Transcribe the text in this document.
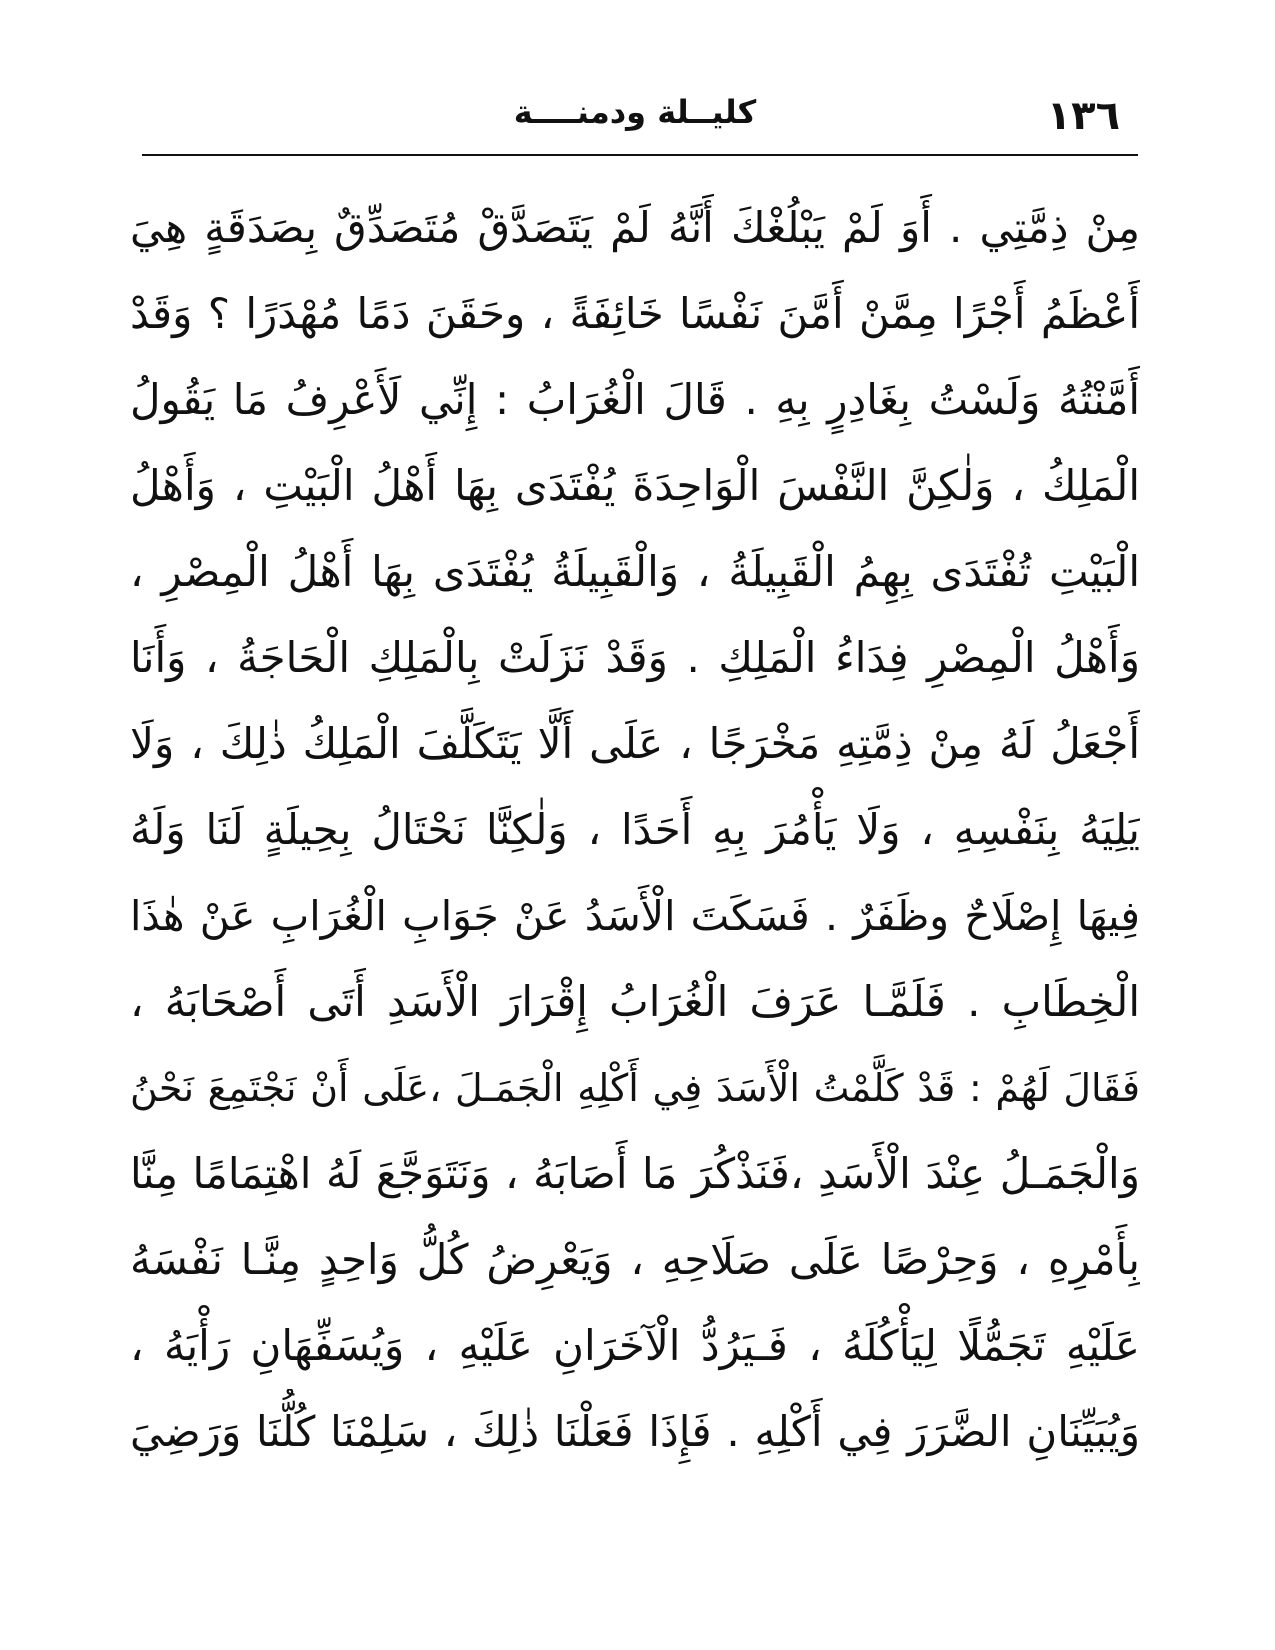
١٣٦
كليــلة ودمنــــة
مِنْ ذِمَّتِي . أَوَ لَمْ يَبْلُغْكَ أَنَّهُ لَمْ يَتَصَدَّقْ مُتَصَدِّقٌ بِصَدَقَةٍ هِيَ
أَعْظَمُ أَجْرًا مِمَّنْ أَمَّنَ نَفْسًا خَائِفَةً ، وحَقَنَ دَمًا مُهْدَرًا ؟ وَقَدْ
أَمَّنْتُهُ وَلَسْتُ بِغَادِرٍ بِهِ . قَالَ الْغُرَابُ : إِنِّي لَأَعْرِفُ مَا يَقُولُ
الْمَلِكُ ، وَلٰكِنَّ النَّفْسَ الْوَاحِدَةَ يُفْتَدَى بِهَا أَهْلُ الْبَيْتِ ، وَأَهْلُ
الْبَيْتِ تُفْتَدَى بِهِمُ الْقَبِيلَةُ ، وَالْقَبِيلَةُ يُفْتَدَى بِهَا أَهْلُ الْمِصْرِ ،
وَأَهْلُ الْمِصْرِ فِدَاءُ الْمَلِكِ . وَقَدْ نَزَلَتْ بِالْمَلِكِ الْحَاجَةُ ، وَأَنَا
أَجْعَلُ لَهُ مِنْ ذِمَّتِهِ مَخْرَجًا ، عَلَى أَلَّا يَتَكَلَّفَ الْمَلِكُ ذٰلِكَ ، وَلَا
يَلِيَهُ بِنَفْسِهِ ، وَلَا يَأْمُرَ بِهِ أَحَدًا ، وَلٰكِنَّا نَحْتَالُ بِحِيلَةٍ لَنَا وَلَهُ
فِيهَا إِصْلَاحٌ وظَفَرٌ . فَسَكَتَ الْأَسَدُ عَنْ جَوَابِ الْغُرَابِ عَنْ هٰذَا
الْخِطَابِ . فَلَمَّـا عَرَفَ الْغُرَابُ إِقْرَارَ الْأَسَدِ أَتَى أَصْحَابَهُ ،
فَقَالَ لَهُمْ : قَدْ كَلَّمْتُ الْأَسَدَ فِي أَكْلِهِ الْجَمَـلَ ،عَلَى أَنْ نَجْتَمِعَ نَحْنُ
وَالْجَمَـلُ عِنْدَ الْأَسَدِ ،فَنَذْكُرَ مَا أَصَابَهُ ، وَنَتَوَجَّعَ لَهُ اهْتِمَامًا مِنَّا
بِأَمْرِهِ ، وَحِرْصًا عَلَى صَلَاحِهِ ، وَيَعْرِضُ كُلُّ وَاحِدٍ مِنَّـا نَفْسَهُ
عَلَيْهِ تَجَمُّلًا لِيَأْكُلَهُ ، فَـيَرُدُّ الْآخَرَانِ عَلَيْهِ ، وَيُسَفِّهَانِ رَأْيَهُ ،
وَيُبَيِّنَانِ الضَّرَرَ فِي أَكْلِهِ . فَإِذَا فَعَلْنَا ذٰلِكَ ، سَلِمْنَا كُلُّنَا وَرَضِيَ
